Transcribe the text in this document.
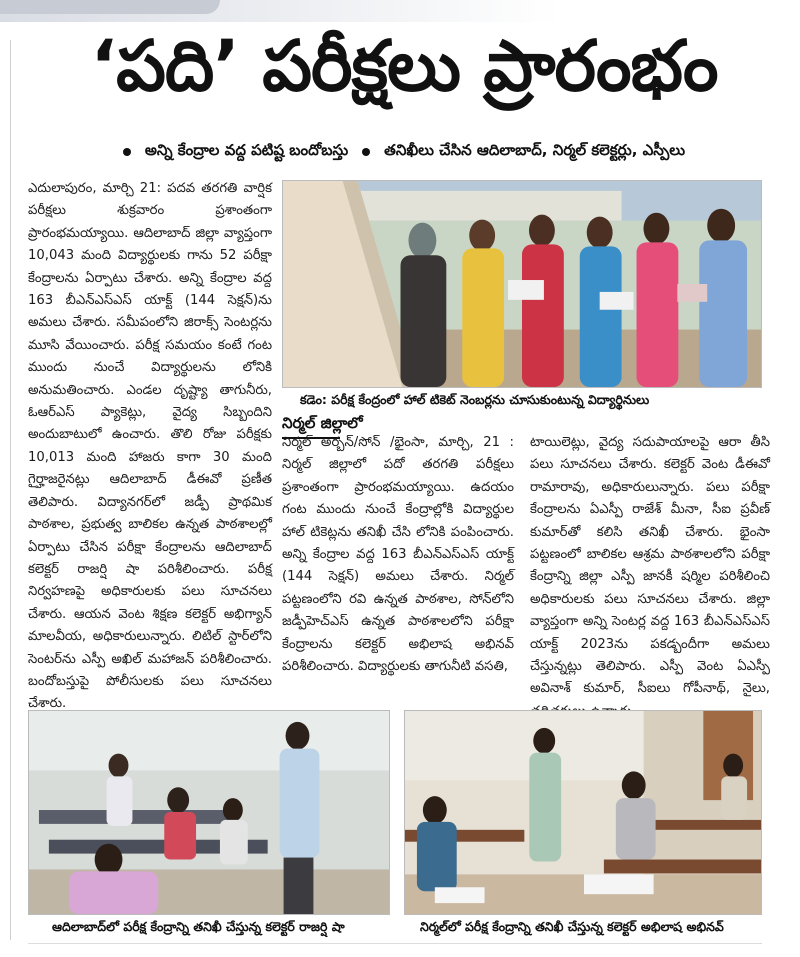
‘పది’ పరీక్షలు ప్రారంభం
అన్ని కేంద్రాల వద్ద పటిష్ట బందోబస్తు తనిఖీలు చేసిన ఆదిలాబాద్, నిర్మల్ కలెక్టర్లు, ఎస్పీలు

ఎదులాపురం, మార్చి 21: పదవ తరగతి వార్షిక పరీక్షలు శుక్రవారం ప్రశాంతంగా ప్రారంభమయ్యాయి. ఆదిలాబాద్ జిల్లా వ్యాప్తంగా 10,043 మంది విద్యార్థులకు గాను 52 పరీక్షా కేంద్రాలను ఏర్పాటు చేశారు. అన్ని కేంద్రాల వద్ద 163 బీఎన్ఎస్ఎస్ యాక్ట్ (144 సెక్షన్)ను అమలు చేశారు. సమీపంలోని జిరాక్స్ సెంటర్లను మూసి వేయించారు. పరీక్ష సమయం కంటే గంట ముందు నుంచే విద్యార్థులను లోనికి అనుమతించారు. ఎండల దృష్ట్యా తాగునీరు, ఓఆర్ఎస్ ప్యాకెట్లు, వైద్య సిబ్బందిని అందుబాటులో ఉంచారు. తొలి రోజు పరీక్షకు 10,013 మంది హాజరు కాగా 30 మంది గైర్హాజరైనట్లు ఆదిలాబాద్ డీఈవో ప్రణీత తెలిపారు. విద్యానగర్‌లో జడ్పీ ప్రాథమిక పాఠశాల, ప్రభుత్వ బాలికల ఉన్నత పాఠశాలల్లో ఏర్పాటు చేసిన పరీక్షా కేంద్రాలను ఆదిలాబాద్ కలెక్టర్ రాజర్షి షా పరిశీలించారు. పరీక్ష నిర్వహణపై అధికారులకు పలు సూచనలు చేశారు. ఆయన వెంట శిక్షణ కలెక్టర్ అభిగ్యాన్ మాలవీయ, అధికారులున్నారు. లిటిల్ స్టార్‌లోని సెంటర్‌ను ఎస్పీ అఖిల్ మహాజన్ పరిశీలించారు. బందోబస్తుపై పోలీసులకు పలు సూచనలు చేశారు.

కడెం: పరీక్ష కేంద్రంలో హాల్ టికెట్ నెంబర్లను చూసుకుంటున్న విద్యార్థినులు
నిర్మల్ జిల్లాలో

నిర్మల్ అర్బన్/సోన్ /భైంసా, మార్చి, 21 : నిర్మల్ జిల్లాలో పదో తరగతి పరీక్షలు ప్రశాంతంగా ప్రారంభమయ్యాయి. ఉదయం గంట ముందు నుంచే కేంద్రాల్లోకి విద్యార్థుల హాల్ టికెట్లను తనిఖీ చేసి లోనికి పంపించారు. అన్ని కేంద్రాల వద్ద 163 బీఎన్ఎస్ఎస్ యాక్ట్ (144 సెక్షన్) అమలు చేశారు. నిర్మల్ పట్టణంలోని రవి ఉన్నత పాఠశాల, సోన్‌లోని జడ్పీహెచ్ఎస్ ఉన్నత పాఠశాలలోని పరీక్షా కేంద్రాలను కలెక్టర్ అభిలాష అభినవ్ పరిశీలించారు. విద్యార్థులకు తాగునీటి వసతి,

టాయిలెట్లు, వైద్య సదుపాయాలపై ఆరా తీసి పలు సూచనలు చేశారు. కలెక్టర్ వెంట డీఈవో రామారావు, అధికారులున్నారు. పలు పరీక్షా కేంద్రాలను ఏఎస్పీ రాజేశ్ మీనా, సీఐ ప్రవీణ్ కుమార్‌తో కలిసి తనిఖీ చేశారు. భైంసా పట్టణంలో బాలికల ఆశ్రమ పాఠశాలలోని పరీక్షా కేంద్రాన్ని జిల్లా ఎస్పీ జానకీ షర్మిల పరిశీలించి అధికారులకు పలు సూచనలు చేశారు. జిల్లా వ్యాప్తంగా అన్ని సెంటర్ల వద్ద 163 బీఎన్ఎస్ఎస్ యాక్ట్ 2023ను పకడ్బందీగా అమలు చేస్తున్నట్లు తెలిపారు. ఎస్పీ వెంట ఏఎస్పీ అవినాశ్ కుమార్, సీఐలు గోపీనాథ్, నైలు,

ఆదిలాబాద్‌లో పరీక్ష కేంద్రాన్ని తనిఖీ చేస్తున్న కలెక్టర్ రాజర్షి షా	నిర్మల్‌లో పరీక్ష కేంద్రాన్ని తనిఖీ చేస్తున్న కలెక్టర్ అభిలాష అభినవ్
